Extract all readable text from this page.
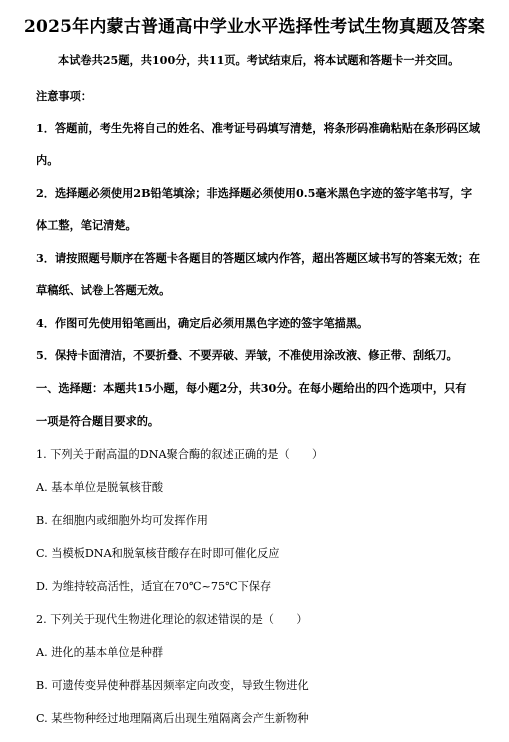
2025年内蒙古普通高中学业水平选择性考试生物真题及答案
本试卷共25题，共100分，共11页。考试结束后，将本试题和答题卡一并交回。
注意事项：
1．答题前，考生先将自己的姓名、准考证号码填写清楚，将条形码准确粘贴在条形码区域
内。
2．选择题必须使用2B铅笔填涂；非选择题必须使用0.5毫米黑色字迹的签字笔书写，字
体工整，笔记清楚。
3．请按照题号顺序在答题卡各题目的答题区域内作答，超出答题区域书写的答案无效；在
草稿纸、试卷上答题无效。
4．作图可先使用铅笔画出，确定后必须用黑色字迹的签字笔描黑。
5．保持卡面清洁，不要折叠、不要弄破、弄皱，不准使用涂改液、修正带、刮纸刀。
一、选择题：本题共15小题，每小题2分，共30分。在每小题给出的四个选项中，只有
一项是符合题目要求的。
1. 下列关于耐高温的DNA聚合酶的叙述正确的是（　　）
A. 基本单位是脱氧核苷酸
B. 在细胞内或细胞外均可发挥作用
C. 当模板DNA和脱氧核苷酸存在时即可催化反应
D. 为维持较高活性，适宜在70℃~75℃下保存
2. 下列关于现代生物进化理论的叙述错误的是（　　）
A. 进化的基本单位是种群
B. 可遗传变异使种群基因频率定向改变，导致生物进化
C. 某些物种经过地理隔离后出现生殖隔离会产生新物种
